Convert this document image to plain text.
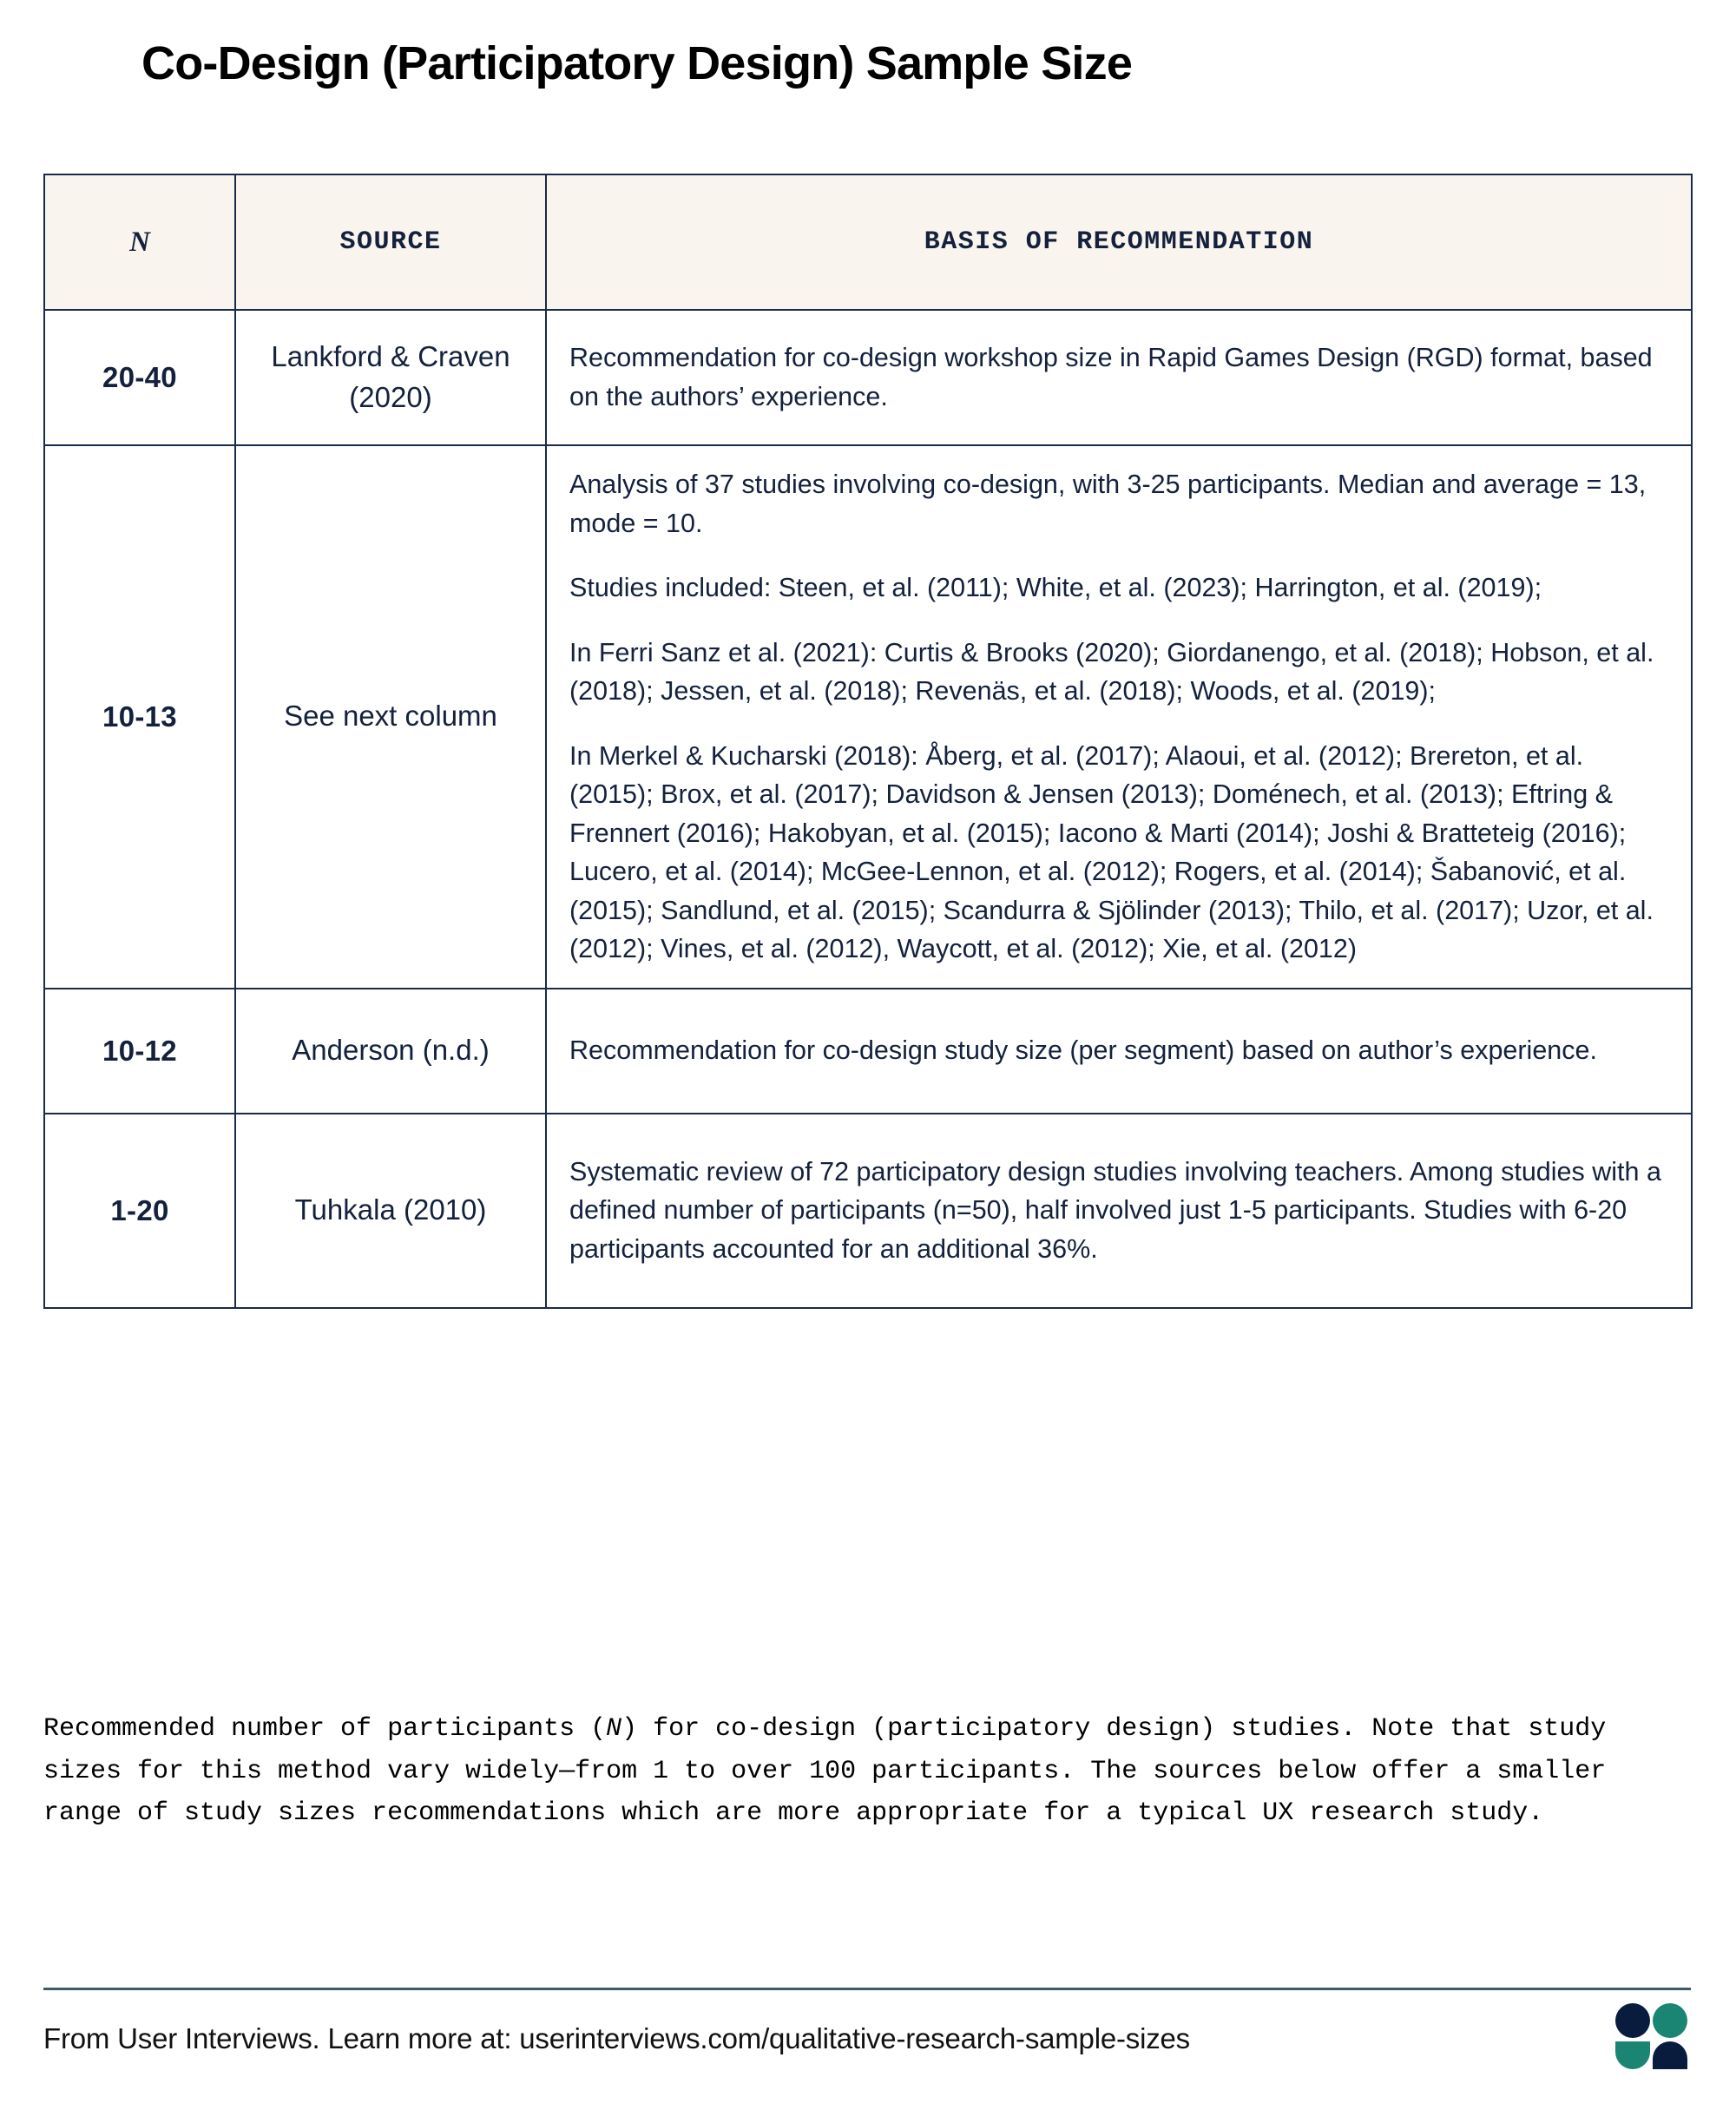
Co-Design (Participatory Design) Sample Size
N	SOURCE	BASIS OF RECOMMENDATION
20-40	Lankford & Craven (2020)	Recommendation for co-design workshop size in Rapid Games Design (RGD) format, based on the authors’ experience.

10-13	See next column	Analysis of 37 studies involving co-design, with 3-25 participants. Median and average = 13, mode = 10.

Studies included: Steen, et al. (2011); White, et al. (2023); Harrington, et al. (2019);

In Ferri Sanz et al. (2021): Curtis & Brooks (2020); Giordanengo, et al. (2018); Hobson, et al. (2018); Jessen, et al. (2018); Revenäs, et al. (2018); Woods, et al. (2019);

In Merkel & Kucharski (2018): Åberg, et al. (2017); Alaoui, et al. (2012); Brereton, et al. (2015); Brox, et al. (2017); Davidson & Jensen (2013); Doménech, et al. (2013); Eftring & Frennert (2016); Hakobyan, et al. (2015); Iacono & Marti (2014); Joshi & Bratteteig (2016); Lucero, et al. (2014); McGee-Lennon, et al. (2012); Rogers, et al. (2014); Šabanović, et al. (2015); Sandlund, et al. (2015); Scandurra & Sjölinder (2013); Thilo, et al. (2017); Uzor, et al. (2012); Vines, et al. (2012), Waycott, et al. (2012); Xie, et al. (2012)

10-12	Anderson (n.d.)	Recommendation for co-design study size (per segment) based on author’s experience.

1-20	Tuhkala (2010)	Systematic review of 72 participatory design studies involving teachers. Among studies with a defined number of participants (n=50), half involved just 1-5 participants. Studies with 6-20 participants accounted for an additional 36%.

Recommended number of participants (N) for co-design (participatory design) studies. Note that study sizes for this method vary widely—from 1 to over 100 participants. The sources below offer a smaller range of study sizes recommendations which are more appropriate for a typical UX research study.
From User Interviews. Learn more at: userinterviews.com/qualitative-research-sample-sizes
